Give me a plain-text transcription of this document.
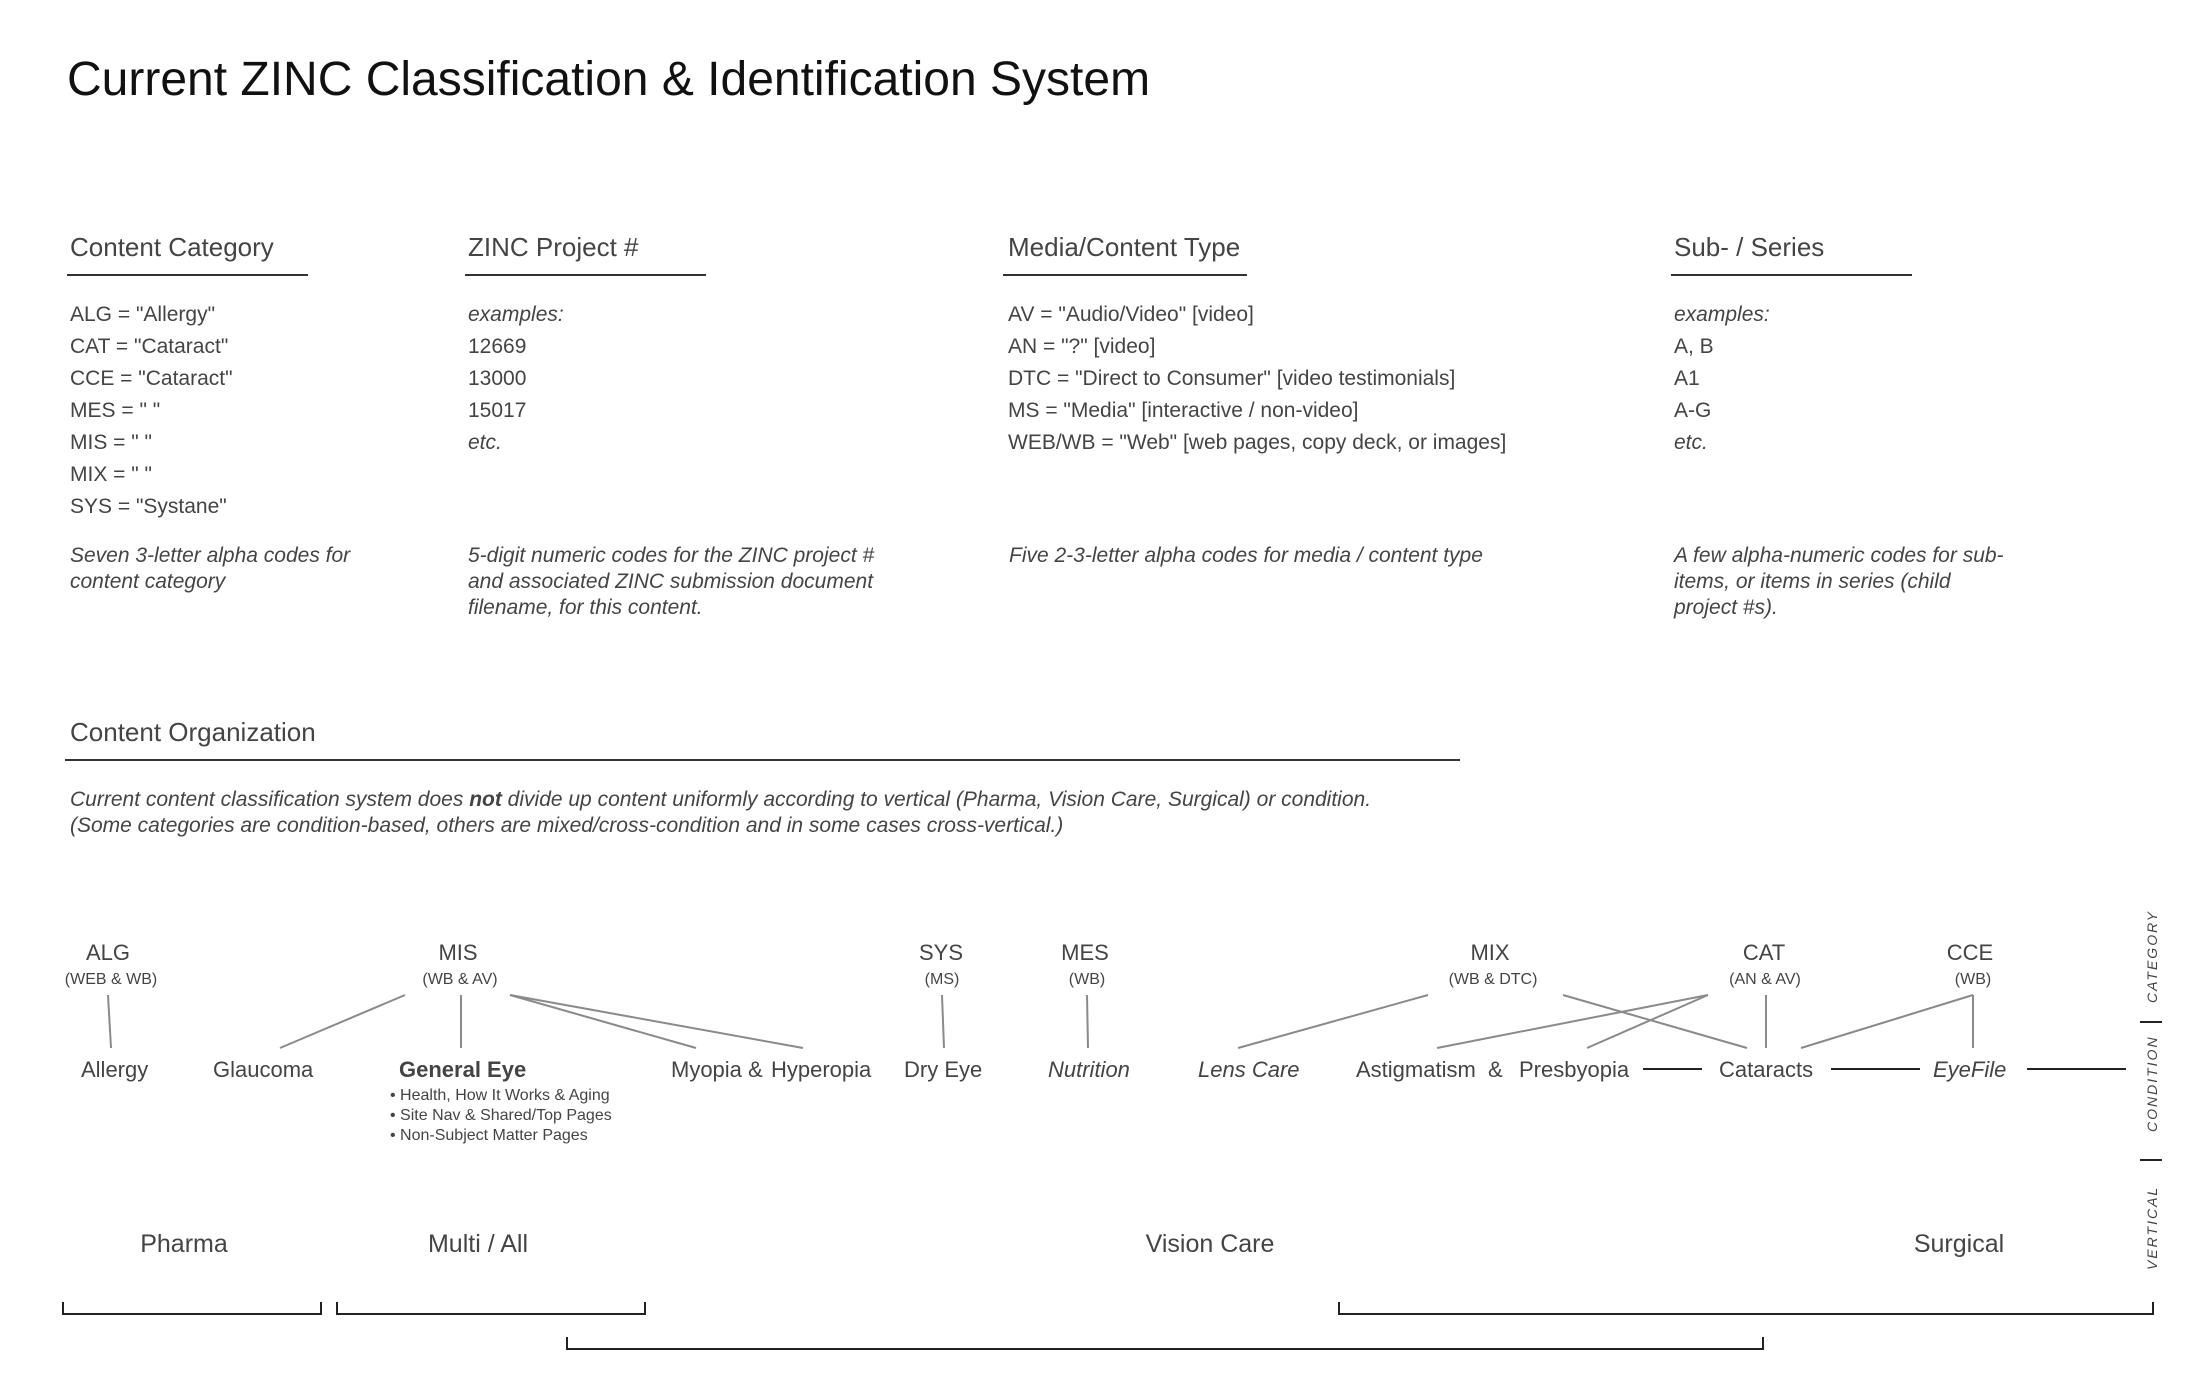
Current ZINC Classification & Identification System
Content Category
ALG = "Allergy"
CAT = "Cataract"
CCE = "Cataract"
MES = " "
MIS = " "
MIX = " "
SYS = "Systane"
Seven 3-letter alpha codes for content category
ZINC Project #
examples:
12669
13000
15017
etc.
5-digit numeric codes for the ZINC project # and associated ZINC submission document filename, for this content.
Media/Content Type
AV = "Audio/Video" [video]
AN = "?" [video]
DTC = "Direct to Consumer" [video testimonials]
MS = "Media" [interactive / non-video]
WEB/WB = "Web" [web pages, copy deck, or images]
Five 2-3-letter alpha codes for media / content type
Sub- / Series
examples:
A, B
A1
A-G
etc.
A few alpha-numeric codes for sub-items, or items in series (child project #s).
Content Organization
Current content classification system does not divide up content uniformly according to vertical (Pharma, Vision Care, Surgical) or condition.
(Some categories are condition-based, others are mixed/cross-condition and in some cases cross-vertical.)
ALG
(WEB & WB)
MIS
(WB & AV)
SYS
(MS)
MES
(WB)
MIX
(WB & DTC)
CAT
(AN & AV)
CCE
(WB)
Allergy	Glaucoma	General Eye
• Health, How It Works & Aging
• Site Nav & Shared/Top Pages
• Non-Subject Matter Pages
Myopia & Hyperopia Dry Eye	Nutrition	Lens Care	Astigmatism & Presbyopia	Cataracts	EyeFile
Pharma	Multi / All	Vision Care	Surgical
CATEGORY
CONDITION
VERTICAL
